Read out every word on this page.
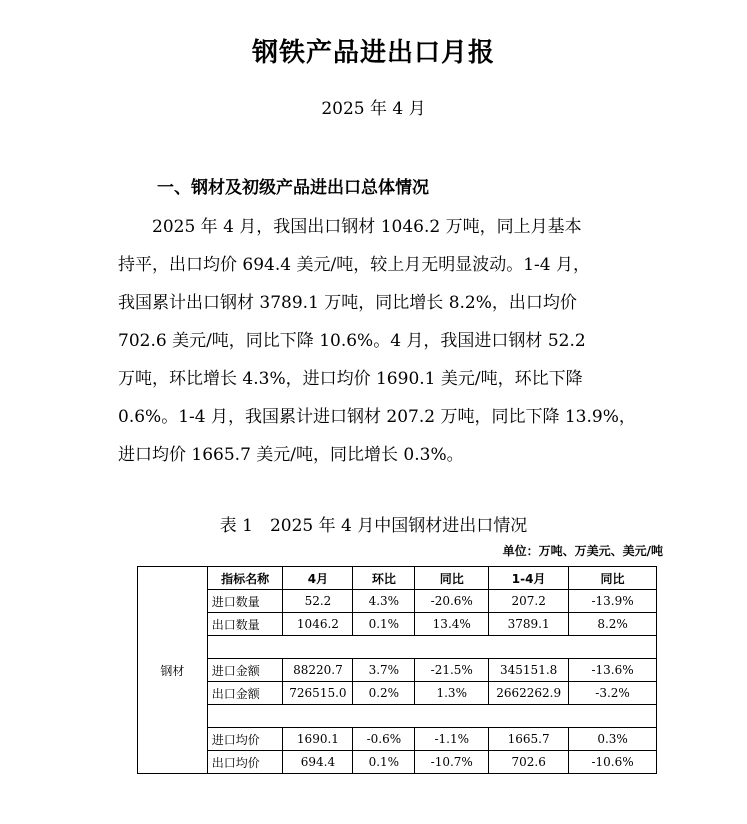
钢铁产品进出口月报
2025 年 4 月
一、钢材及初级产品进出口总体情况

　　2025 年 4 月，我国出口钢材 1046.2 万吨，同上月基本
持平，出口均价 694.4 美元/吨，较上月无明显波动。1-4 月，
我国累计出口钢材 3789.1 万吨，同比增长 8.2%，出口均价
702.6 美元/吨，同比下降 10.6%。4 月，我国进口钢材 52.2
万吨，环比增长 4.3%，进口均价 1690.1 美元/吨，环比下降
0.6%。1-4 月，我国累计进口钢材 207.2 万吨，同比下降 13.9%，
进口均价 1665.7 美元/吨，同比增长 0.3%。

表 1　2025 年 4 月中国钢材进出口情况
单位：万吨、万美元、美元/吨
钢材	指标名称	4月	环比	同比	1-4月	同比
	进口数量	52.2	4.3%	-20.6%	207.2	-13.9%
	出口数量	1046.2	0.1%	13.4%	3789.1	8.2%

	进口金额	88220.7	3.7%	-21.5%	345151.8	-13.6%
	出口金额	726515.0	0.2%	1.3%	2662262.9	-3.2%

	进口均价	1690.1	-0.6%	-1.1%	1665.7	0.3%
	出口均价	694.4	0.1%	-10.7%	702.6	-10.6%
